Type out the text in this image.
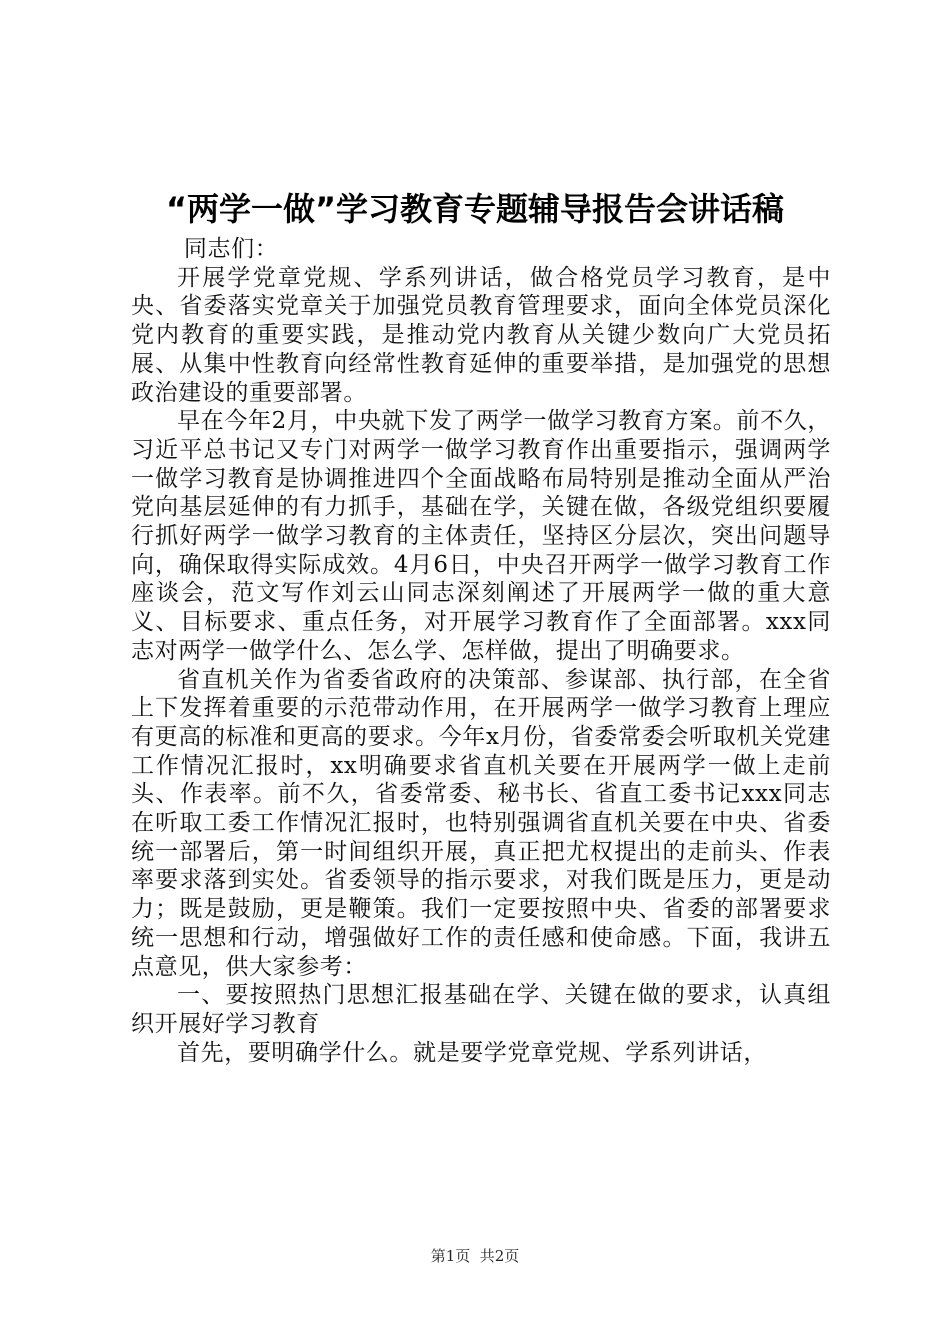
“两学一做”学习教育专题辅导报告会讲话稿

同志们：

开展学党章党规、学系列讲话，做合格党员学习教育，是中央、省委落实党章关于加强党员教育管理要求，面向全体党员深化党内教育的重要实践，是推动党内教育从关键少数向广大党员拓展、从集中性教育向经常性教育延伸的重要举措，是加强党的思想政治建设的重要部署。

早在今年2月，中央就下发了两学一做学习教育方案。前不久，习近平总书记又专门对两学一做学习教育作出重要指示，强调两学一做学习教育是协调推进四个全面战略布局特别是推动全面从严治党向基层延伸的有力抓手，基础在学，关键在做，各级党组织要履行抓好两学一做学习教育的主体责任，坚持区分层次，突出问题导向，确保取得实际成效。4月6日，中央召开两学一做学习教育工作座谈会，范文写作刘云山同志深刻阐述了开展两学一做的重大意义、目标要求、重点任务，对开展学习教育作了全面部署。xxx同志对两学一做学什么、怎么学、怎样做，提出了明确要求。

省直机关作为省委省政府的决策部、参谋部、执行部，在全省上下发挥着重要的示范带动作用，在开展两学一做学习教育上理应有更高的标准和更高的要求。今年x月份，省委常委会听取机关党建工作情况汇报时，xx明确要求省直机关要在开展两学一做上走前头、作表率。前不久，省委常委、秘书长、省直工委书记xxx同志在听取工委工作情况汇报时，也特别强调省直机关要在中央、省委统一部署后，第一时间组织开展，真正把尤权提出的走前头、作表率要求落到实处。省委领导的指示要求，对我们既是压力，更是动力；既是鼓励，更是鞭策。我们一定要按照中央、省委的部署要求统一思想和行动，增强做好工作的责任感和使命感。下面，我讲五点意见，供大家参考：

一、要按照热门思想汇报基础在学、关键在做的要求，认真组织开展好学习教育

首先，要明确学什么。就是要学党章党规、学系列讲话，

第1页  共2页
